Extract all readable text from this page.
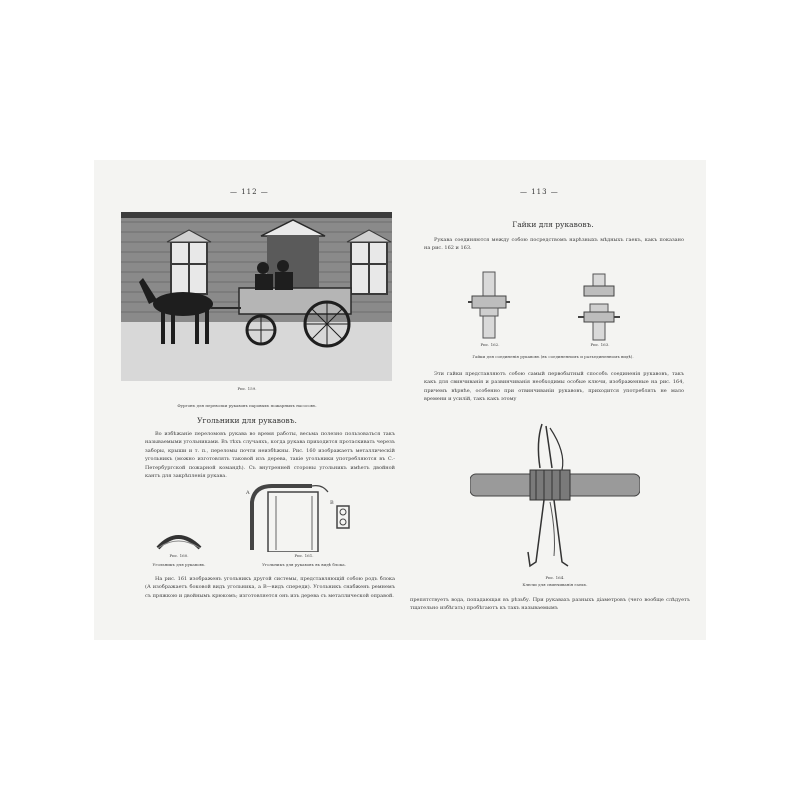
— 112 —
Рис. 159.
Фургонъ для перевозки рукавовъ паровыхъ пожарныхъ насосовъ.
Угольники для рукавовъ.

Во избѣжаніе переломовъ рукава во время работы, весьма полезно пользоваться такъ называемыми угольниками. Въ тѣхъ случаяхъ, когда рукава приходится протаскивать черезъ заборы, крыши и т. п., переломы почти неизбѣжны. Рис. 160 изображаетъ металлическій угольникъ (можно изготовлять таковой изъ дерева, такіе угольники употребляются въ С.-Петербургской пожарной командѣ). Съ внутренней стороны угольникъ имѣетъ двойной кантъ для закрѣпленія рукава.

Рис. 160.
Угольникъ для рукавовъ.
A
B
Рис. 161.
Угольникъ для рукавовъ въ видѣ блока.

На рис. 161 изображенъ угольникъ другой системы, представляющій собою родъ блока (А изображаетъ боковой видъ угольника, а В—видъ спереди). Угольникъ снабженъ ремнемъ съ пряжкою и двойнымъ крюкомъ; изготовляется онъ изъ дерева съ металлической оправой.

— 113 —
Гайки для рукавовъ.

Рукава соединяются между собою посредствомъ нарѣзныхъ мѣдныхъ гаекъ, какъ показано на рис. 162 и 163.

Рис. 162.	Рис. 163.
Гайки для соединенія рукавовъ (въ соединенномъ и разъединенномъ видѣ).

Эти гайки представляютъ собою самый первобытный способъ соединенія рукавовъ, такъ какъ для свинчиванія и развинчиванія необходимы особые ключи, изображенные на рис. 164, причемъ вѣрнѣе, особенно при отвинчиваніи рукавовъ, приходится употреблять не мало времени и усилій, такъ какъ этому

Рис. 164.
Ключи для свинчиванія гаекъ.

препятствуетъ вода, попадающая въ рѣзьбу. При рукавахъ разныхъ діаметровъ (чего вообще слѣдуетъ тщательно избѣгать) пробѣгаютъ къ такъ называемымъ
